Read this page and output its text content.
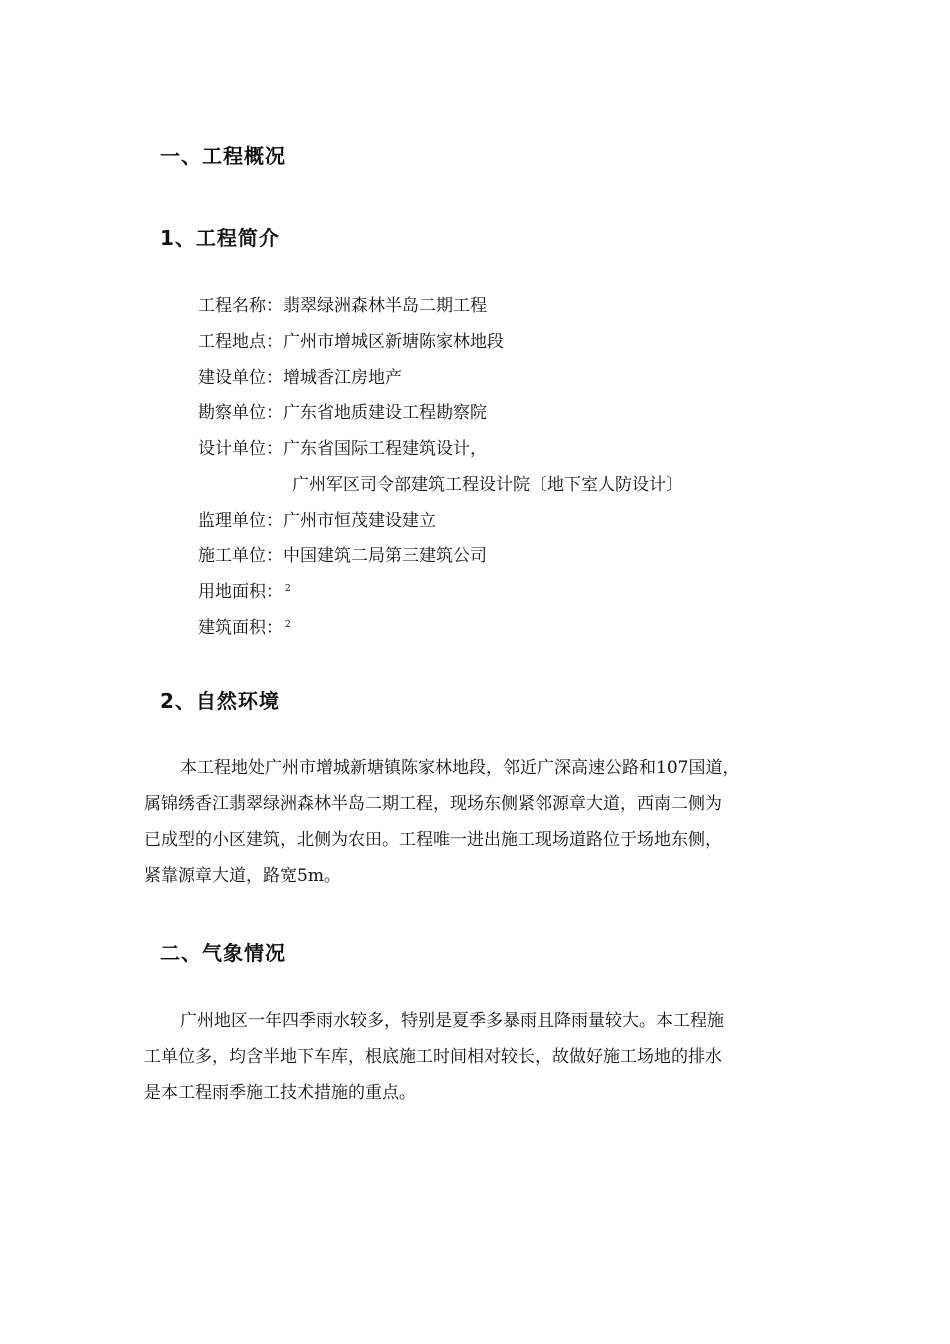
一、工程概况
1、工程简介
工程名称：翡翠绿洲森林半岛二期工程
工程地点：广州市增城区新塘陈家林地段
建设单位：增城香江房地产
勘察单位：广东省地质建设工程勘察院
设计单位：广东省国际工程建筑设计，
广州军区司令部建筑工程设计院〔地下室人防设计〕
监理单位：广州市恒茂建设建立
施工单位：中国建筑二局第三建筑公司
用地面积： $^2$
建筑面积： $^2$
2、自然环境
本工程地处广州市增城新塘镇陈家林地段，邻近广深高速公路和107国道，
属锦绣香江翡翠绿洲森林半岛二期工程，现场东侧紧邻源章大道，西南二侧为
已成型的小区建筑，北侧为农田。工程唯一进出施工现场道路位于场地东侧，
紧靠源章大道，路宽5m。
二、气象情况
广州地区一年四季雨水较多，特别是夏季多暴雨且降雨量较大。本工程施
工单位多，均含半地下车库，根底施工时间相对较长，故做好施工场地的排水
是本工程雨季施工技术措施的重点。
